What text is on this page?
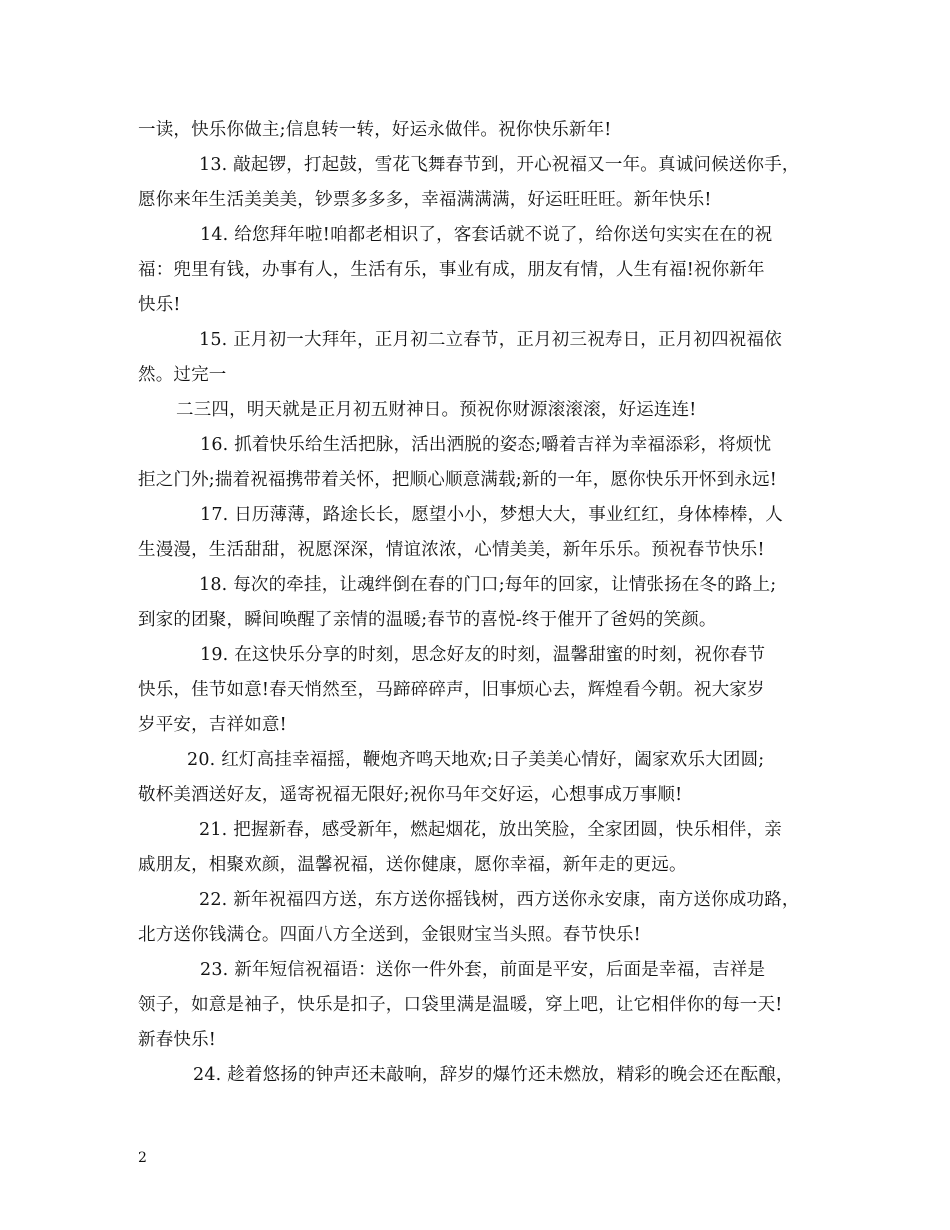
一读，快乐你做主;信息转一转，好运永做伴。祝你快乐新年!
13. 敲起锣，打起鼓，雪花飞舞春节到，开心祝福又一年。真诚问候送你手，
愿你来年生活美美美，钞票多多多，幸福满满满，好运旺旺旺。新年快乐!
14. 给您拜年啦!咱都老相识了，客套话就不说了，给你送句实实在在的祝
福：兜里有钱，办事有人，生活有乐，事业有成，朋友有情，人生有福!祝你新年
快乐!
15. 正月初一大拜年，正月初二立春节，正月初三祝寿日，正月初四祝福依
然。过完一
二三四，明天就是正月初五财神日。预祝你财源滚滚滚，好运连连!
16. 抓着快乐给生活把脉，活出洒脱的姿态;嚼着吉祥为幸福添彩，将烦忧
拒之门外;揣着祝福携带着关怀，把顺心顺意满载;新的一年，愿你快乐开怀到永远!
17. 日历薄薄，路途长长，愿望小小，梦想大大，事业红红，身体棒棒，人
生漫漫，生活甜甜，祝愿深深，情谊浓浓，心情美美，新年乐乐。预祝春节快乐!
18. 每次的牵挂，让魂绊倒在春的门口;每年的回家，让情张扬在冬的路上;
到家的团聚，瞬间唤醒了亲情的温暖;春节的喜悦-终于催开了爸妈的笑颜。
19. 在这快乐分享的时刻，思念好友的时刻，温馨甜蜜的时刻，祝你春节
快乐，佳节如意!春天悄然至，马蹄碎碎声，旧事烦心去，辉煌看今朝。祝大家岁
岁平安，吉祥如意!
20. 红灯高挂幸福摇，鞭炮齐鸣天地欢;日子美美心情好，阖家欢乐大团圆;
敬杯美酒送好友，遥寄祝福无限好;祝你马年交好运，心想事成万事顺!
21. 把握新春，感受新年，燃起烟花，放出笑脸，全家团圆，快乐相伴，亲
戚朋友，相聚欢颜，温馨祝福，送你健康，愿你幸福，新年走的更远。
22. 新年祝福四方送，东方送你摇钱树，西方送你永安康，南方送你成功路，
北方送你钱满仓。四面八方全送到，金银财宝当头照。春节快乐!
23. 新年短信祝福语：送你一件外套，前面是平安，后面是幸福，吉祥是
领子，如意是袖子，快乐是扣子，口袋里满是温暖，穿上吧，让它相伴你的每一天!
新春快乐!
24. 趁着悠扬的钟声还未敲响，辞岁的爆竹还未燃放，精彩的晚会还在酝酿，
2
